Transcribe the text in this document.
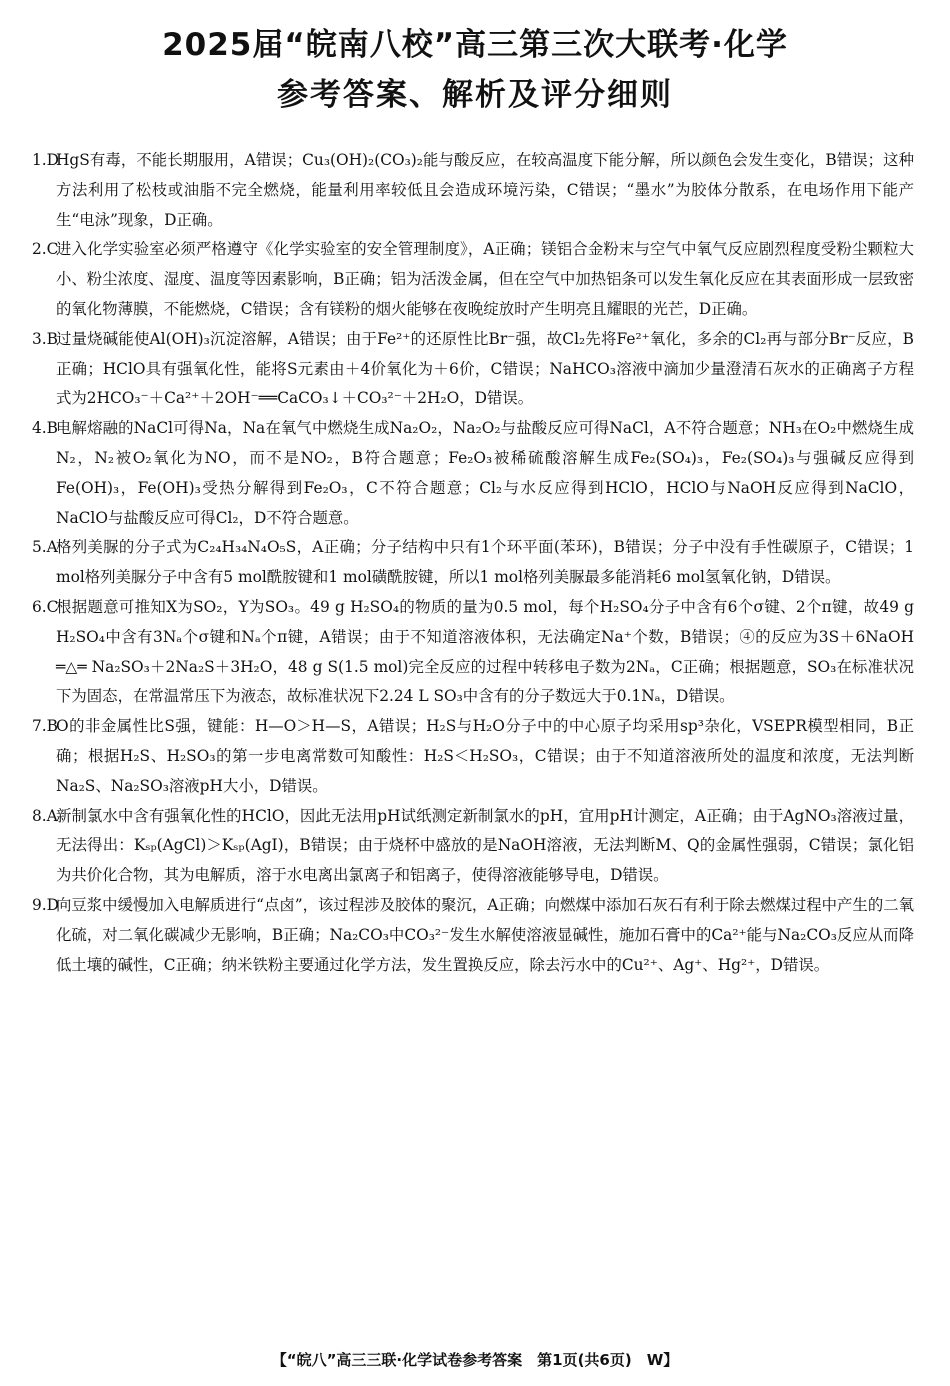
2025届“皖南八校”高三第三次大联考·化学
参考答案、解析及评分细则
1.D
HgS有毒，不能长期服用，A错误；Cu₃(OH)₂(CO₃)₂能与酸反应，在较高温度下能分解，所以颜色会发生变化，B错误；这种方法利用了松枝或油脂不完全燃烧，能量利用率较低且会造成环境污染，C错误；“墨水”为胶体分散系，在电场作用下能产生“电泳”现象，D正确。
2.C
进入化学实验室必须严格遵守《化学实验室的安全管理制度》，A正确；镁铝合金粉末与空气中氧气反应剧烈程度受粉尘颗粒大小、粉尘浓度、湿度、温度等因素影响，B正确；铝为活泼金属，但在空气中加热铝条可以发生氧化反应在其表面形成一层致密的氧化物薄膜，不能燃烧，C错误；含有镁粉的烟火能够在夜晚绽放时产生明亮且耀眼的光芒，D正确。
3.B
过量烧碱能使Al(OH)₃沉淀溶解，A错误；由于Fe²⁺的还原性比Br⁻强，故Cl₂先将Fe²⁺氧化，多余的Cl₂再与部分Br⁻反应，B正确；HClO具有强氧化性，能将S元素由＋4价氧化为＋6价，C错误；NaHCO₃溶液中滴加少量澄清石灰水的正确离子方程式为2HCO₃⁻＋Ca²⁺＋2OH⁻══CaCO₃↓＋CO₃²⁻＋2H₂O，D错误。
4.B
电解熔融的NaCl可得Na，Na在氧气中燃烧生成Na₂O₂，Na₂O₂与盐酸反应可得NaCl，A不符合题意；NH₃在O₂中燃烧生成N₂，N₂被O₂氧化为NO，而不是NO₂，B符合题意；Fe₂O₃被稀硫酸溶解生成Fe₂(SO₄)₃，Fe₂(SO₄)₃与强碱反应得到Fe(OH)₃，Fe(OH)₃受热分解得到Fe₂O₃，C不符合题意；Cl₂与水反应得到HClO，HClO与NaOH反应得到NaClO，NaClO与盐酸反应可得Cl₂，D不符合题意。
5.A
格列美脲的分子式为C₂₄H₃₄N₄O₅S，A正确；分子结构中只有1个环平面(苯环)，B错误；分子中没有手性碳原子，C错误；1 mol格列美脲分子中含有5 mol酰胺键和1 mol磺酰胺键，所以1 mol格列美脲最多能消耗6 mol氢氧化钠，D错误。
6.C
根据题意可推知X为SO₂，Y为SO₃。49 g H₂SO₄的物质的量为0.5 mol，每个H₂SO₄分子中含有6个σ键、2个π键，故49 g H₂SO₄中含有3Nₐ个σ键和Nₐ个π键，A错误；由于不知道溶液体积，无法确定Na⁺个数，B错误；④的反应为3S＋6NaOH ═△═ Na₂SO₃＋2Na₂S＋3H₂O，48 g S(1.5 mol)完全反应的过程中转移电子数为2Nₐ，C正确；根据题意，SO₃在标准状况下为固态，在常温常压下为液态，故标准状况下2.24 L SO₃中含有的分子数远大于0.1Nₐ，D错误。
7.B
O的非金属性比S强，键能：H—O＞H—S，A错误；H₂S与H₂O分子中的中心原子均采用sp³杂化，VSEPR模型相同，B正确；根据H₂S、H₂SO₃的第一步电离常数可知酸性：H₂S＜H₂SO₃，C错误；由于不知道溶液所处的温度和浓度，无法判断Na₂S、Na₂SO₃溶液pH大小，D错误。
8.A
新制氯水中含有强氧化性的HClO，因此无法用pH试纸测定新制氯水的pH，宜用pH计测定，A正确；由于AgNO₃溶液过量，无法得出：Kₛₚ(AgCl)＞Kₛₚ(AgI)，B错误；由于烧杯中盛放的是NaOH溶液，无法判断M、Q的金属性强弱，C错误；氯化铝为共价化合物，其为电解质，溶于水电离出氯离子和铝离子，使得溶液能够导电，D错误。
9.D
向豆浆中缓慢加入电解质进行“点卤”，该过程涉及胶体的聚沉，A正确；向燃煤中添加石灰石有利于除去燃煤过程中产生的二氧化硫，对二氧化碳减少无影响，B正确；Na₂CO₃中CO₃²⁻发生水解使溶液显碱性，施加石膏中的Ca²⁺能与Na₂CO₃反应从而降低土壤的碱性，C正确；纳米铁粉主要通过化学方法，发生置换反应，除去污水中的Cu²⁺、Ag⁺、Hg²⁺，D错误。
【“皖八”高三三联·化学试卷参考答案　第1页(共6页)　W】
